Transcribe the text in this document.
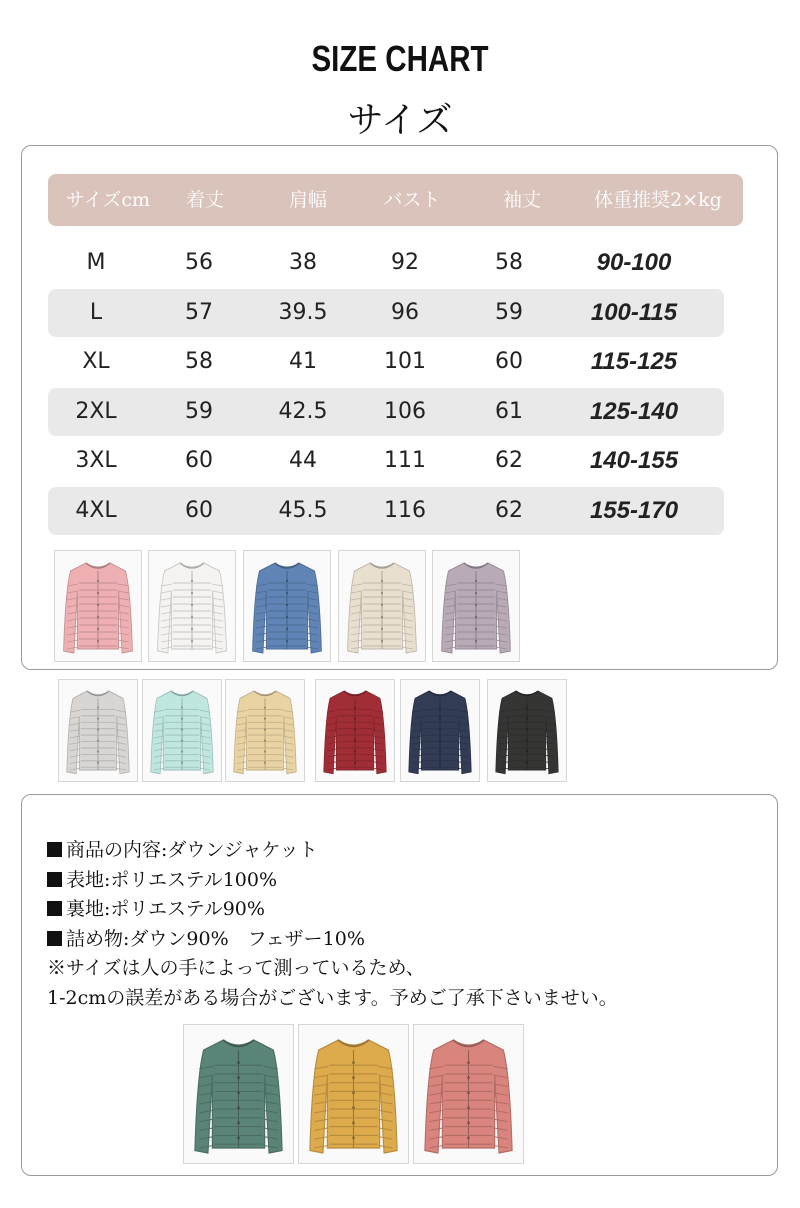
SIZE CHART
サイズ
サイズcm 着丈	肩幅	バスト	袖丈	体重推奨2×kg
M	56	38	92	58	90-100
L	57	39.5	96	59	100-115
XL	58	41	101	60	115-125
2XL	59	42.5	106	61	125-140
3XL	60	44	111	62	140-155
4XL	60	45.5	116	62	155-170
商品の内容:ダウンジャケット
表地:ポリエステル100%
裏地:ポリエステル90%
詰め物:ダウン90%　フェザー10%
※サイズは人の手によって測っているため、
1-2cmの誤差がある場合がございます。予めご了承下さいませい。
